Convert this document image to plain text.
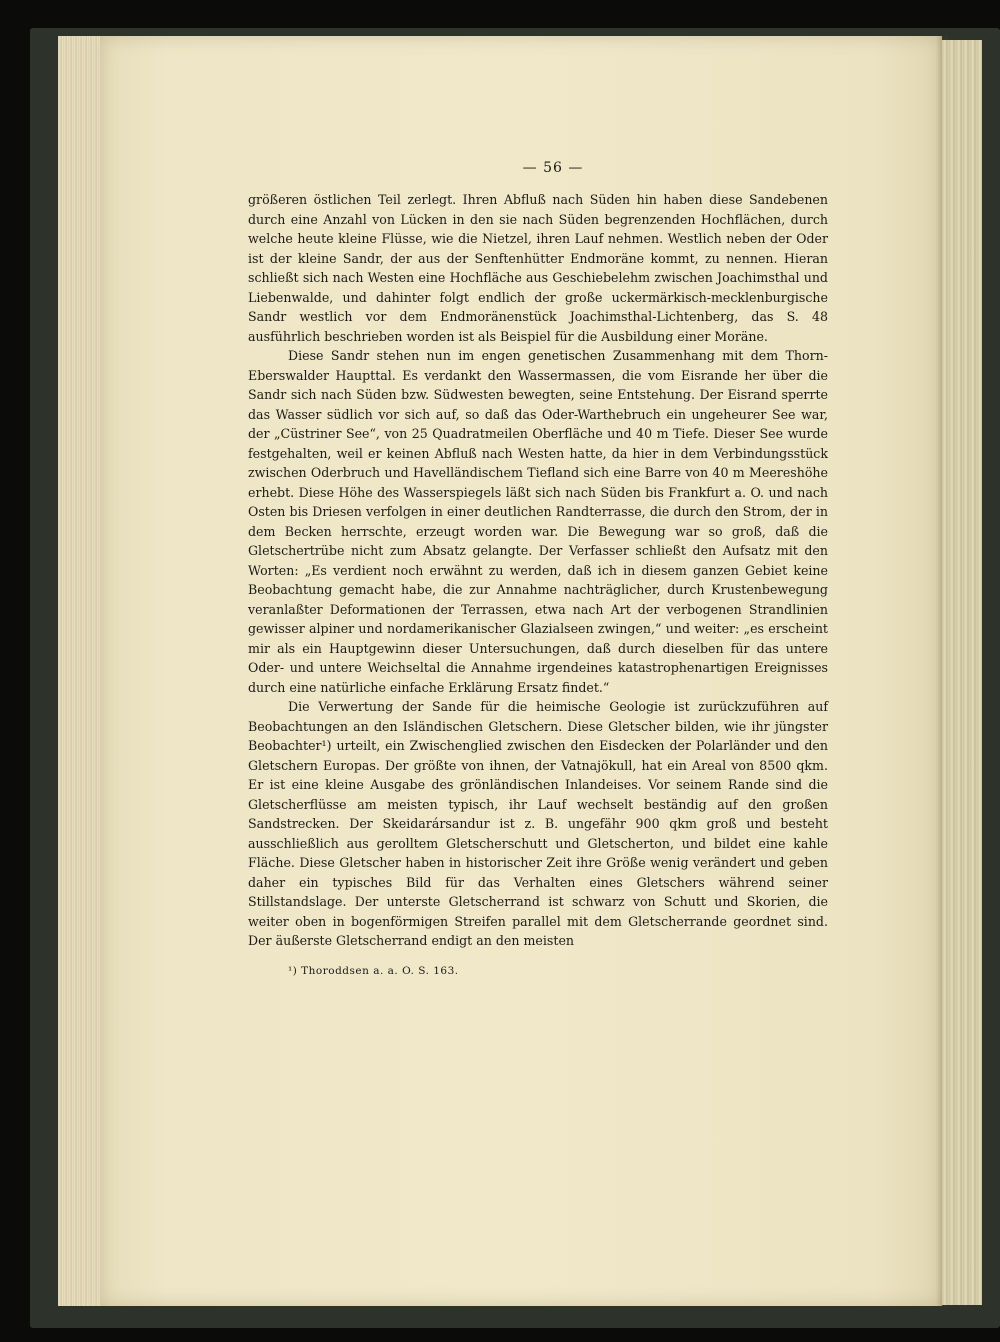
— 56 —

größeren östlichen Teil zerlegt. Ihren Abfluß nach Süden hin haben diese Sandebenen durch eine Anzahl von Lücken in den sie nach Süden begrenzenden Hochflächen, durch welche heute kleine Flüsse, wie die Nietzel, ihren Lauf nehmen. Westlich neben der Oder ist der kleine Sandr, der aus der Senftenhütter Endmoräne kommt, zu nennen. Hieran schließt sich nach Westen eine Hochfläche aus Geschiebelehm zwischen Joachimsthal und Liebenwalde, und dahinter folgt endlich der große uckermärkisch-mecklenburgische Sandr westlich vor dem Endmoränenstück Joachimsthal-Lichtenberg, das S. 48 ausführlich beschrieben worden ist als Beispiel für die Ausbildung einer Moräne.

Diese Sandr stehen nun im engen genetischen Zusammenhang mit dem Thorn-Eberswalder Haupttal. Es verdankt den Wassermassen, die vom Eisrande her über die Sandr sich nach Süden bzw. Südwesten bewegten, seine Entstehung. Der Eisrand sperrte das Wasser südlich vor sich auf, so daß das Oder-Warthebruch ein ungeheurer See war, der „Cüstriner See“, von 25 Quadratmeilen Oberfläche und 40 m Tiefe. Dieser See wurde festgehalten, weil er keinen Abfluß nach Westen hatte, da hier in dem Verbindungsstück zwischen Oderbruch und Havelländischem Tiefland sich eine Barre von 40 m Meereshöhe erhebt. Diese Höhe des Wasserspiegels läßt sich nach Süden bis Frankfurt a. O. und nach Osten bis Driesen verfolgen in einer deutlichen Randterrasse, die durch den Strom, der in dem Becken herrschte, erzeugt worden war. Die Bewegung war so groß, daß die Gletschertrübe nicht zum Absatz gelangte. Der Verfasser schließt den Aufsatz mit den Worten: „Es verdient noch erwähnt zu werden, daß ich in diesem ganzen Gebiet keine Beobachtung gemacht habe, die zur Annahme nachträglicher, durch Krustenbewegung veranlaßter Deformationen der Terrassen, etwa nach Art der verbogenen Strandlinien gewisser alpiner und nordamerikanischer Glazialseen zwingen,“ und weiter: „es erscheint mir als ein Hauptgewinn dieser Untersuchungen, daß durch dieselben für das untere Oder- und untere Weichseltal die Annahme irgendeines katastrophenartigen Ereignisses durch eine natürliche einfache Erklärung Ersatz findet.“

Die Verwertung der Sande für die heimische Geologie ist zurückzuführen auf Beobachtungen an den Isländischen Gletschern. Diese Gletscher bilden, wie ihr jüngster Beobachter¹) urteilt, ein Zwischenglied zwischen den Eisdecken der Polarländer und den Gletschern Europas. Der größte von ihnen, der Vatnajökull, hat ein Areal von 8500 qkm. Er ist eine kleine Ausgabe des grönländischen Inlandeises. Vor seinem Rande sind die Gletscherflüsse am meisten typisch, ihr Lauf wechselt beständig auf den großen Sandstrecken. Der Skeidarársandur ist z. B. ungefähr 900 qkm groß und besteht ausschließlich aus gerolltem Gletscherschutt und Gletscherton, und bildet eine kahle Fläche. Diese Gletscher haben in historischer Zeit ihre Größe wenig verändert und geben daher ein typisches Bild für das Verhalten eines Gletschers während seiner Stillstandslage. Der unterste Gletscherrand ist schwarz von Schutt und Skorien, die weiter oben in bogenförmigen Streifen parallel mit dem Gletscherrande geordnet sind. Der äußerste Gletscherrand endigt an den meisten

¹) Thoroddsen a. a. O. S. 163.
